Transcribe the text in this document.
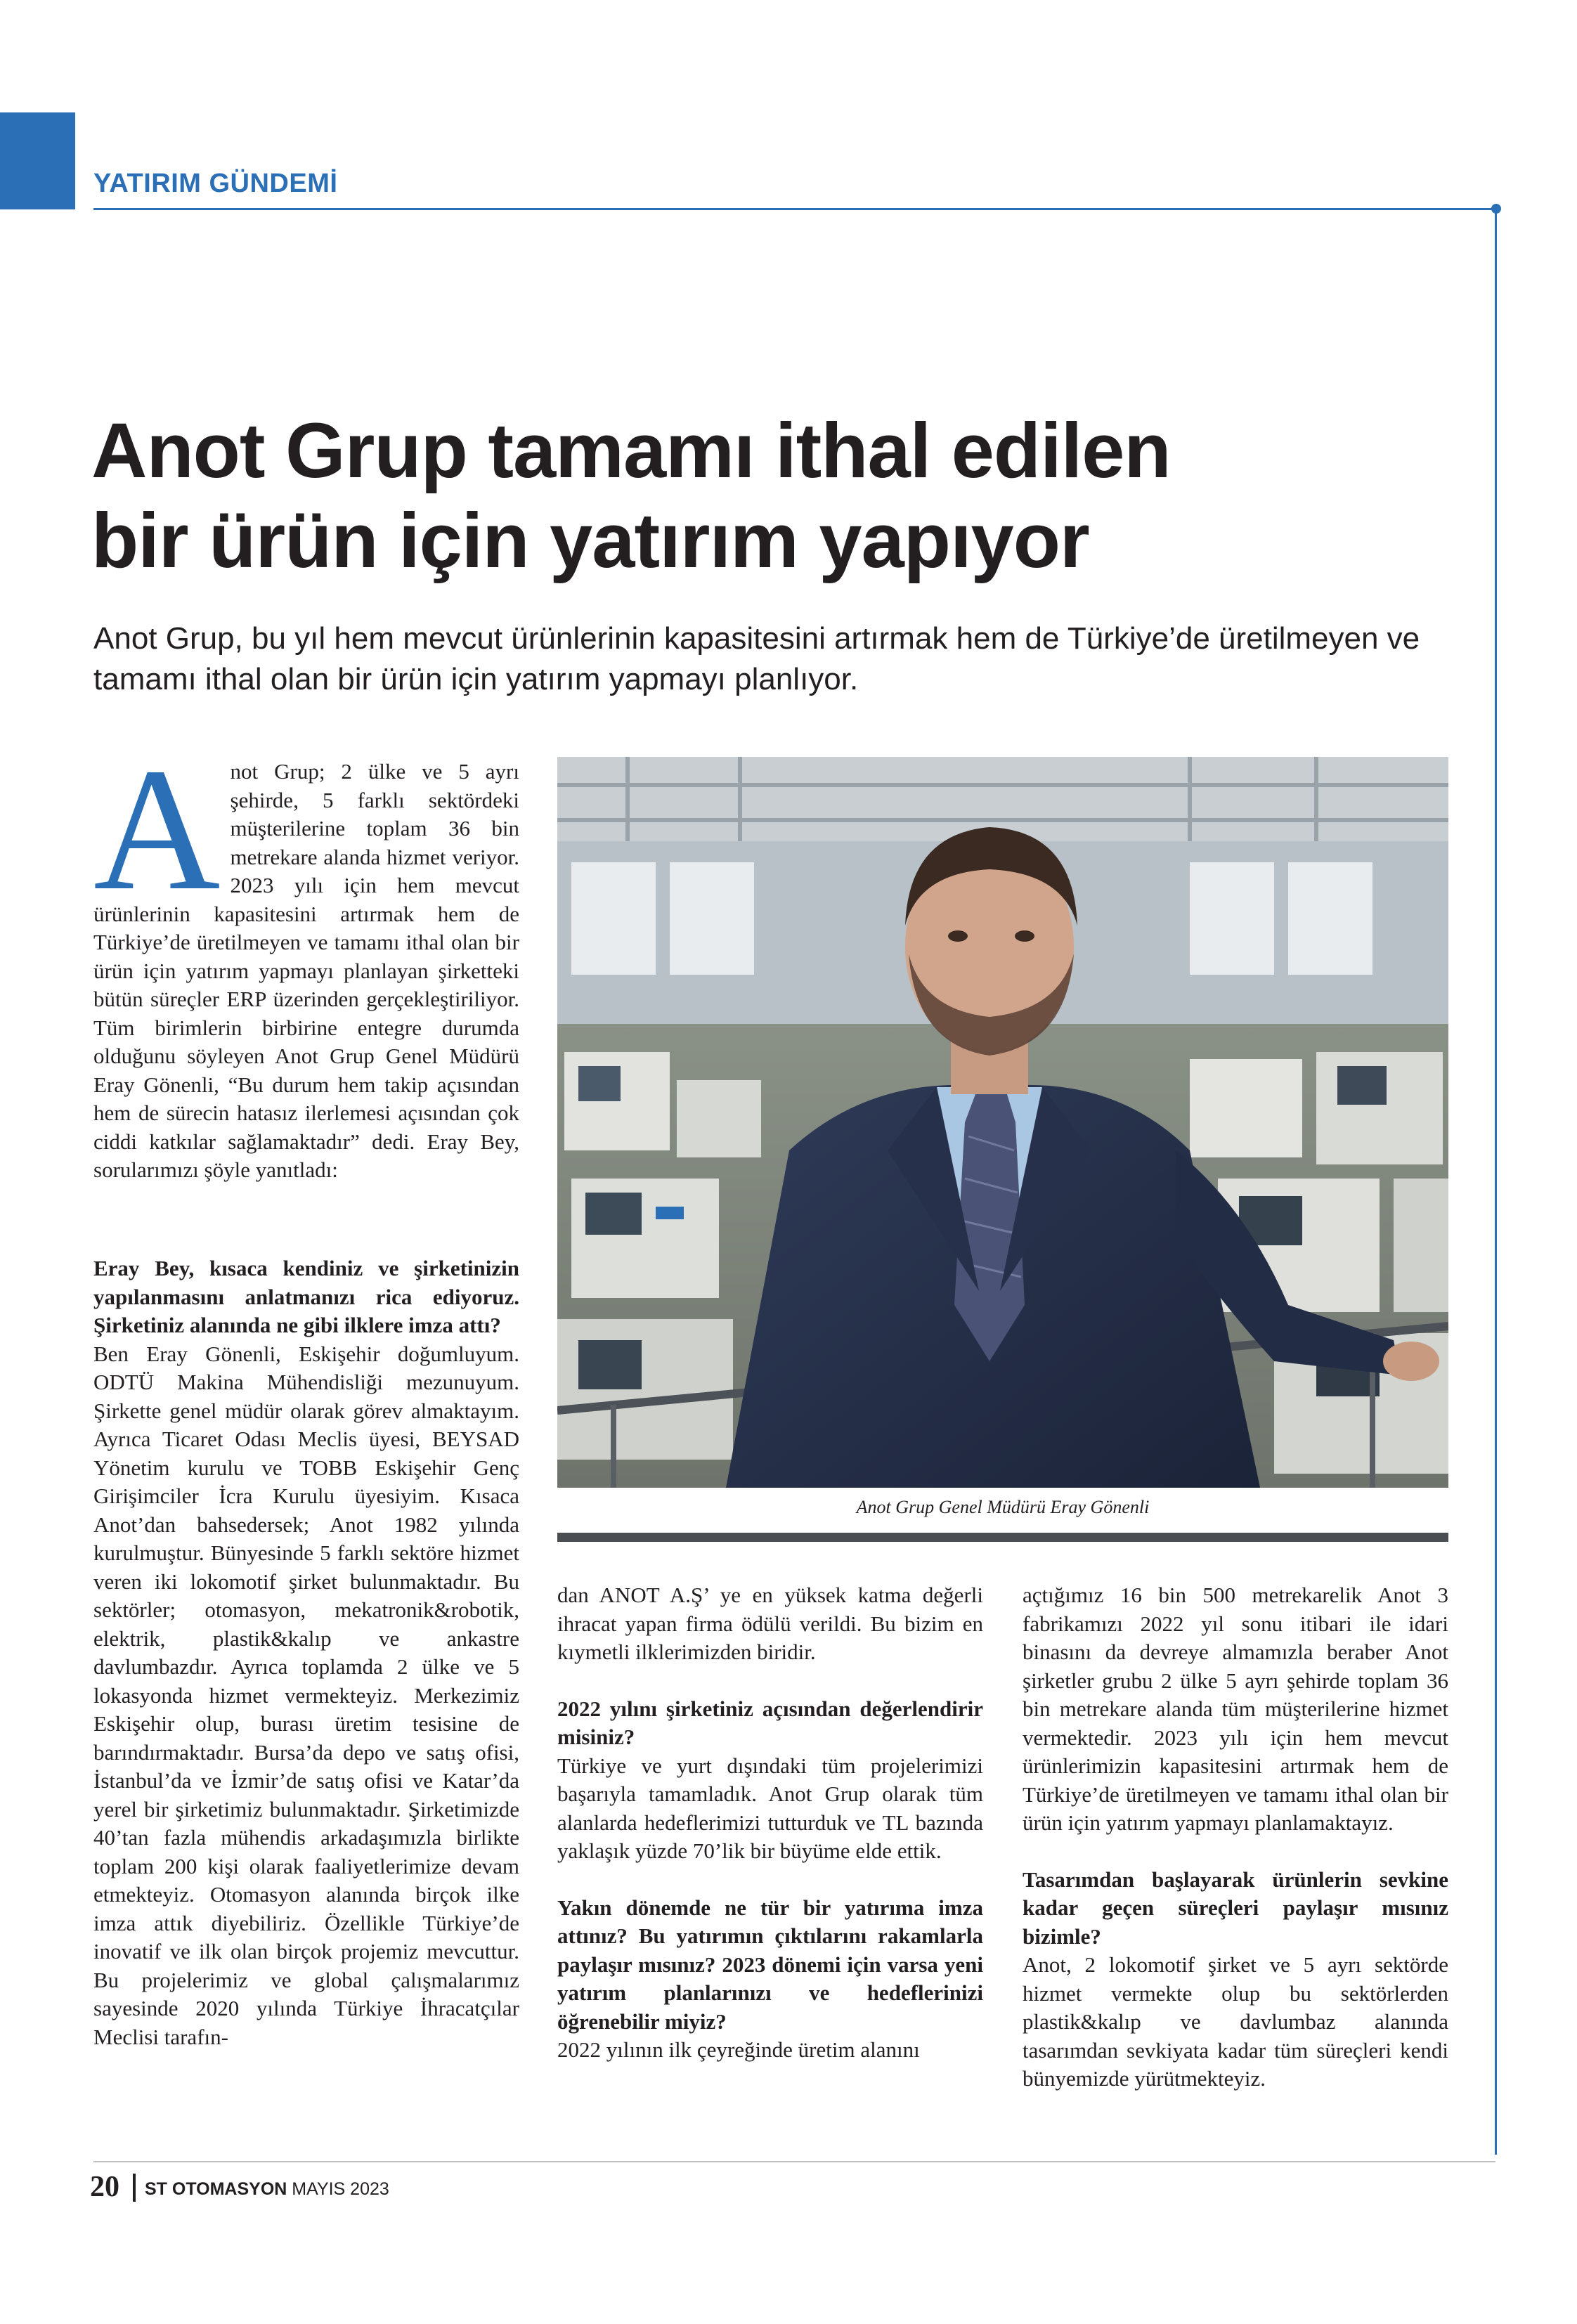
YATIRIM GÜNDEMİ
Anot Grup tamamı ithal edilen
bir ürün için yatırım yapıyor

Anot Grup, bu yıl hem mevcut ürünlerinin kapasitesini artırmak hem de Türkiye’de üretilmeyen ve tamamı ithal olan bir ürün için yatırım yapmayı planlıyor.

A not Grup; 2 ülke ve 5 ayrı şehirde, 5 farklı sektördeki müşterilerine toplam 36 bin metrekare alanda hizmet veriyor. 2023 yılı için hem mevcut ürünlerinin kapasitesini artırmak hem de Türkiye’de üretilmeyen ve tamamı ithal olan bir ürün için yatırım yapmayı planlayan şirketteki bütün süreçler ERP üzerinden gerçekleştiriliyor. Tüm birimlerin birbirine entegre durumda olduğunu söyleyen Anot Grup Genel Müdürü Eray Gönenli, “Bu durum hem takip açısından hem de sürecin hatasız ilerlemesi açısından çok ciddi katkılar sağlamaktadır” dedi. Eray Bey, sorularımızı şöyle yanıtladı:

Eray Bey, kısaca kendiniz ve şirketinizin yapılanmasını anlatmanızı rica ediyoruz. Şirketiniz alanında ne gibi ilklere imza attı?

Ben Eray Gönenli, Eskişehir doğumluyum. ODTÜ Makina Mühendisliği mezunuyum. Şirkette genel müdür olarak görev almaktayım. Ayrıca Ticaret Odası Meclis üyesi, BEYSAD Yönetim kurulu ve TOBB Eskişehir Genç Girişimciler İcra Kurulu üyesiyim. Kısaca Anot’dan bahsedersek; Anot 1982 yılında kurulmuştur. Bünyesinde 5 farklı sektöre hizmet veren iki lokomotif şirket bulunmaktadır. Bu sektörler; otomasyon, mekatronik&robotik, elektrik, plastik&kalıp ve ankastre davlumbazdır. Ayrıca toplamda 2 ülke ve 5 lokasyonda hizmet vermekteyiz. Merkezimiz Eskişehir olup, burası üretim tesisine de barındırmaktadır. Bursa’da depo ve satış ofisi, İstanbul’da ve İzmir’de satış ofisi ve Katar’da yerel bir şirketimiz bulunmaktadır. Şirketimizde 40’tan fazla mühendis arkadaşımızla birlikte toplam 200 kişi olarak faaliyetlerimize devam etmekteyiz. Otomasyon alanında birçok ilke imza attık diyebiliriz. Özellikle Türkiye’de inovatif ve ilk olan birçok projemiz mevcuttur. Bu projelerimiz ve global çalışmalarımız sayesinde 2020 yılında Türkiye İhracatçılar Meclisi tarafın-

Anot Grup Genel Müdürü Eray Gönenli

dan ANOT A.Ş’ ye en yüksek katma değerli ihracat yapan firma ödülü verildi. Bu bizim en kıymetli ilklerimizden biridir.

2022 yılını şirketiniz açısından değerlendirir misiniz?

Türkiye ve yurt dışındaki tüm projelerimizi başarıyla tamamladık. Anot Grup olarak tüm alanlarda hedeflerimizi tutturduk ve TL bazında yaklaşık yüzde 70’lik bir büyüme elde ettik.

Yakın dönemde ne tür bir yatırıma imza attınız? Bu yatırımın çıktılarını rakamlarla paylaşır mısınız? 2023 dönemi için varsa yeni yatırım planlarınızı ve hedeflerinizi öğrenebilir miyiz?

2022 yılının ilk çeyreğinde üretim alanını

açtığımız 16 bin 500 metrekarelik Anot 3 fabrikamızı 2022 yıl sonu itibari ile idari binasını da devreye almamızla beraber Anot şirketler grubu 2 ülke 5 ayrı şehirde toplam 36 bin metrekare alanda tüm müşterilerine hizmet vermektedir. 2023 yılı için hem mevcut ürünlerimizin kapasitesini artırmak hem de Türkiye’de üretilmeyen ve tamamı ithal olan bir ürün için yatırım yapmayı planlamaktayız.

Tasarımdan başlayarak ürünlerin sevkine kadar geçen süreçleri paylaşır mısınız bizimle?

Anot, 2 lokomotif şirket ve 5 ayrı sektörde hizmet vermekte olup bu sektörlerden plastik&kalıp ve davlumbaz alanında tasarımdan sevkiyata kadar tüm süreçleri kendi bünyemizde yürütmekteyiz.

20 ST OTOMASYON MAYIS 2023
